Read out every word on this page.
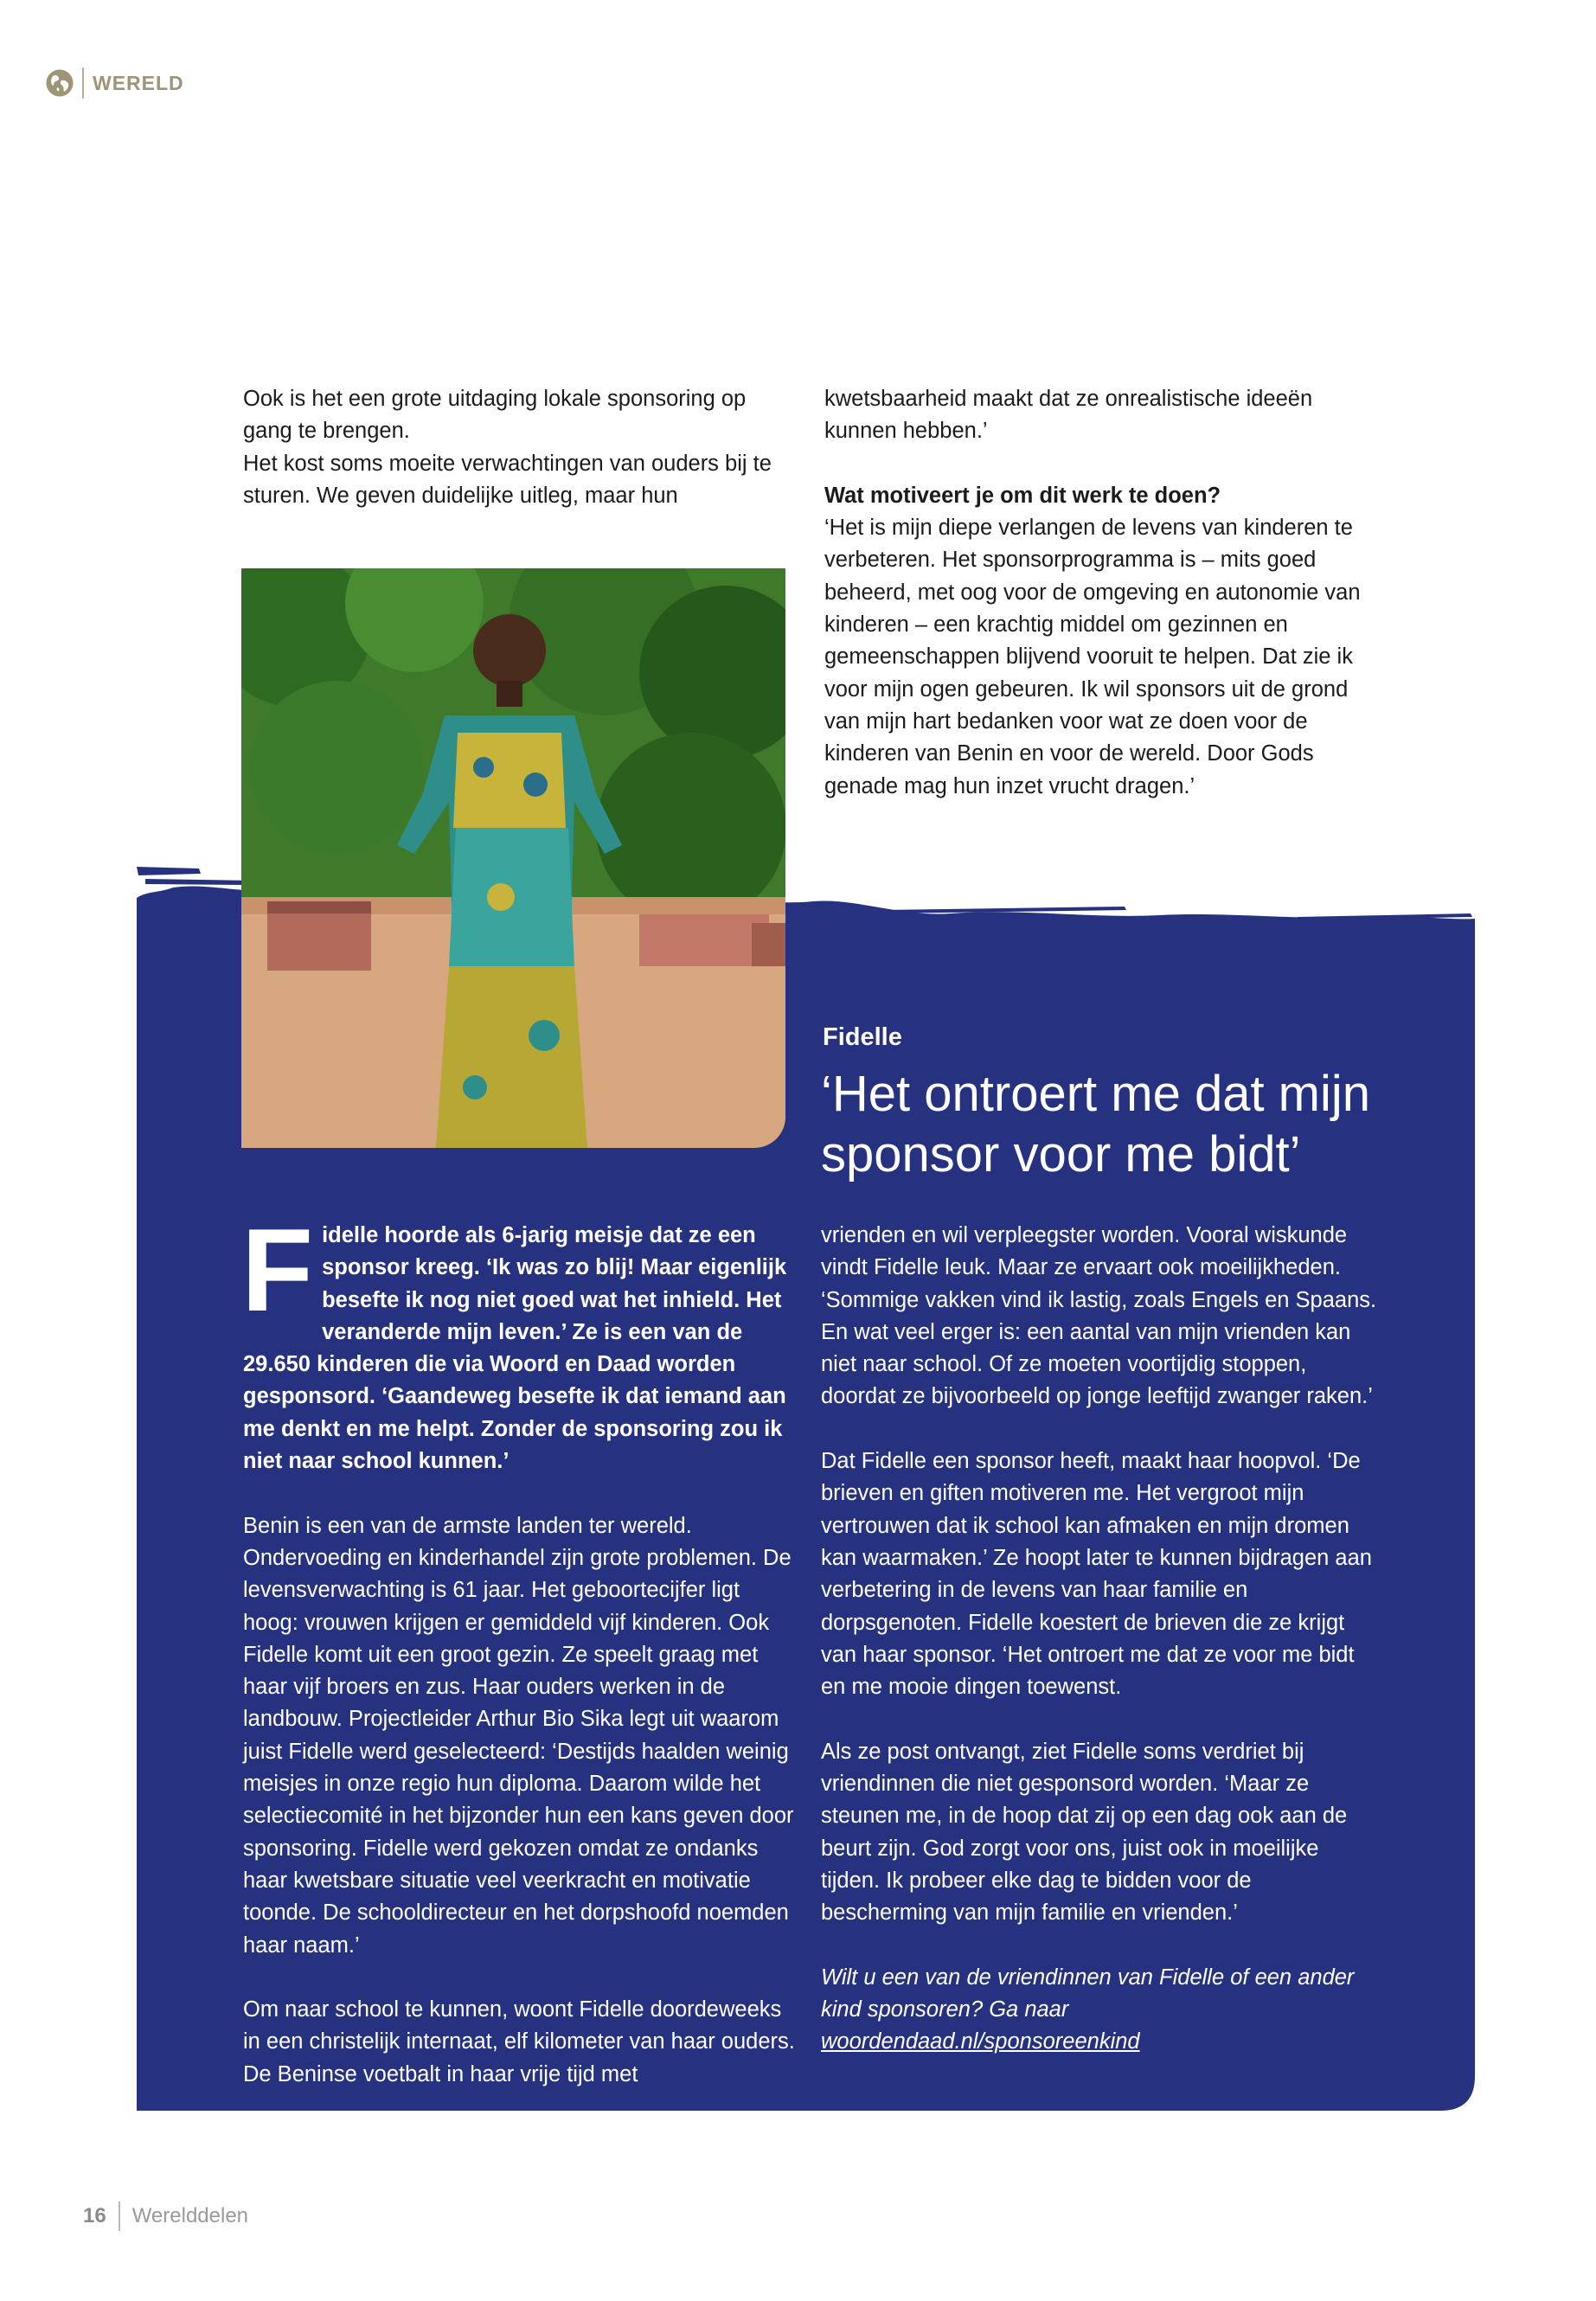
WERELD

Ook is het een grote uitdaging lokale sponsoring op gang te brengen.

Het kost soms moeite verwachtingen van ouders bij te sturen. We geven duidelijke uitleg, maar hun

kwetsbaarheid maakt dat ze onrealistische ideeën kunnen hebben.’

Wat motiveert je om dit werk te doen?

‘Het is mijn diepe verlangen de levens van kinderen te verbeteren. Het sponsorprogramma is – mits goed beheerd, met oog voor de omgeving en autonomie van kinderen – een krachtig middel om gezinnen en gemeenschappen blijvend vooruit te helpen. Dat zie ik voor mijn ogen gebeuren. Ik wil sponsors uit de grond van mijn hart bedanken voor wat ze doen voor de kinderen van Benin en voor de wereld. Door Gods genade mag hun inzet vrucht dragen.’

Fidelle
‘Het ontroert me dat mijn sponsor voor me bidt’

Fidelle hoorde als 6-jarig meisje dat ze een sponsor kreeg. ‘Ik was zo blij! Maar eigenlijk besefte ik nog niet goed wat het inhield. Het veranderde mijn leven.’ Ze is een van de 29.650 kinderen die via Woord en Daad worden gesponsord. ‘Gaandeweg besefte ik dat iemand aan me denkt en me helpt. Zonder de sponsoring zou ik niet naar school kunnen.’

Benin is een van de armste landen ter wereld. Ondervoeding en kinderhandel zijn grote problemen. De levensverwachting is 61 jaar. Het geboortecijfer ligt hoog: vrouwen krijgen er gemiddeld vijf kinderen. Ook Fidelle komt uit een groot gezin. Ze speelt graag met haar vijf broers en zus. Haar ouders werken in de landbouw. Projectleider Arthur Bio Sika legt uit waarom juist Fidelle werd geselecteerd: ‘Destijds haalden weinig meisjes in onze regio hun diploma. Daarom wilde het selectiecomité in het bijzonder hun een kans geven door sponsoring. Fidelle werd gekozen omdat ze ondanks haar kwetsbare situatie veel veerkracht en motivatie toonde. De schooldirecteur en het dorpshoofd noemden haar naam.’

Om naar school te kunnen, woont Fidelle doordeweeks in een christelijk internaat, elf kilometer van haar ouders. De Beninse voetbalt in haar vrije tijd met

vrienden en wil verpleegster worden. Vooral wiskunde vindt Fidelle leuk. Maar ze ervaart ook moeilijkheden. ‘Sommige vakken vind ik lastig, zoals Engels en Spaans. En wat veel erger is: een aantal van mijn vrienden kan niet naar school. Of ze moeten voortijdig stoppen, doordat ze bijvoorbeeld op jonge leeftijd zwanger raken.’

Dat Fidelle een sponsor heeft, maakt haar hoopvol. ‘De brieven en giften motiveren me. Het vergroot mijn vertrouwen dat ik school kan afmaken en mijn dromen kan waarmaken.’ Ze hoopt later te kunnen bijdragen aan verbetering in de levens van haar familie en dorpsgenoten. Fidelle koestert de brieven die ze krijgt van haar sponsor. ‘Het ontroert me dat ze voor me bidt en me mooie dingen toewenst.

Als ze post ontvangt, ziet Fidelle soms verdriet bij vriendinnen die niet gesponsord worden. ‘Maar ze steunen me, in de hoop dat zij op een dag ook aan de beurt zijn. God zorgt voor ons, juist ook in moeilijke tijden. Ik probeer elke dag te bidden voor de bescherming van mijn familie en vrienden.’

Wilt u een van de vriendinnen van Fidelle of een ander kind sponsoren? Ga naar woordendaad.nl/sponsoreenkind

16 Werelddelen
